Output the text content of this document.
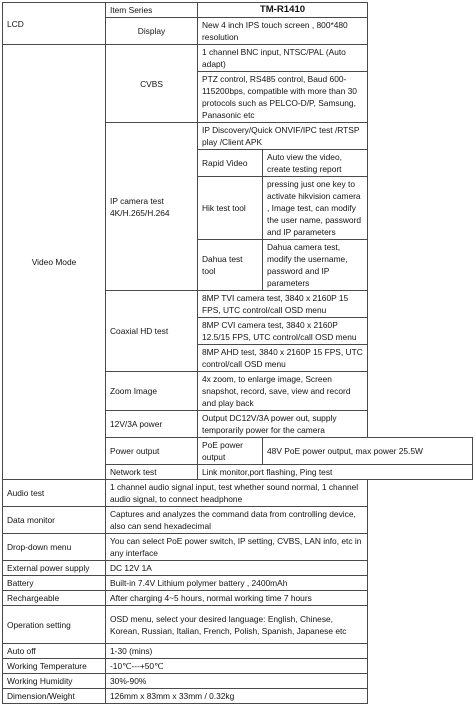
LCD	Item Series	TM-R1410	
	Display	New 4 inch IPS touch screen , 800*480 resolution	
Video Mode	CVBS	1 channel BNC input, NTSC/PAL (Auto adapt)	
		PTZ control, RS485 control, Baud 600-115200bps, compatible with more than 30 protocols such as PELCO-D/P, Samsung, Panasonic etc	
	IP camera test 4K/H.265/H.264	IP Discovery/Quick ONVIF/IPC test /RTSP play /Client APK	
		Rapid Video	Auto view the video, create testing report
		Hik test tool	pressing just one key to activate hikvision camera , Image test, can modify the user name, password and IP parameters
		Dahua test tool	Dahua camera test, modify the username, password and IP parameters
	Coaxial HD test	8MP TVI camera test, 3840 x 2160P 15 FPS, UTC control/call OSD menu	
		8MP CVI camera test, 3840 x 2160P 12.5/15 FPS, UTC control/call OSD menu	
		8MP AHD test, 3840 x 2160P 15 FPS, UTC control/call OSD menu	
	Zoom Image	4x zoom, to enlarge image, Screen snapshot, record, save, view and record and play back	
	12V/3A power	Output DC12V/3A power out, supply temporarily power for the camera	
	Power output	PoE power output	48V PoE power output, max power 25.5W
	Network test	Link monitor,port flashing, Ping test	
Audio test	1 channel audio signal input, test whether sound normal, 1 channel audio signal, to connect headphone		
Data monitor	Captures and analyzes the command data from controlling device, also can send hexadecimal		
Drop-down menu	You can select PoE power switch, IP setting, CVBS, LAN info, etc in any interface		
External power supply	DC 12V 1A		
Battery	Built-in 7.4V Lithium polymer battery , 2400mAh		
Rechargeable	After charging 4~5 hours, normal working time 7 hours		
Operation setting	OSD menu, select your desired language: English, Chinese, Korean, Russian, Italian, French, Polish, Spanish, Japanese etc		
Auto off	1-30 (mins)		
Working Temperature	-10℃---+50℃		
Working Humidity	30%-90%		
Dimension/Weight	126mm x 83mm x 33mm / 0.32kg		
